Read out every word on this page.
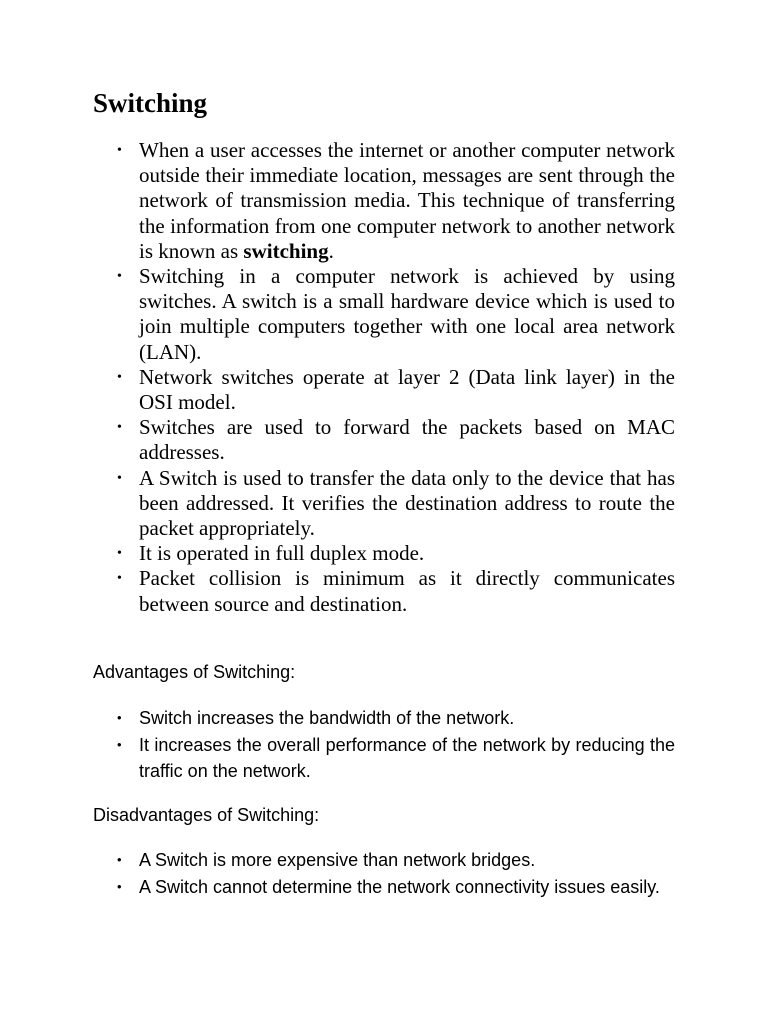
Switching
• When a user accesses the internet or another computer network outside their immediate location, messages are sent through the network of transmission media. This technique of transferring the information from one computer network to another network is known as switching.
• Switching in a computer network is achieved by using switches. A switch is a small hardware device which is used to join multiple computers together with one local area network (LAN).
• Network switches operate at layer 2 (Data link layer) in the OSI model.
• Switches are used to forward the packets based on MAC addresses.
• A Switch is used to transfer the data only to the device that has been addressed. It verifies the destination address to route the packet appropriately.
• It is operated in full duplex mode.
• Packet collision is minimum as it directly communicates between source and destination.
Advantages of Switching:
• Switch increases the bandwidth of the network.
• It increases the overall performance of the network by reducing the traffic on the network.
Disadvantages of Switching:
• A Switch is more expensive than network bridges.
• A Switch cannot determine the network connectivity issues easily.
